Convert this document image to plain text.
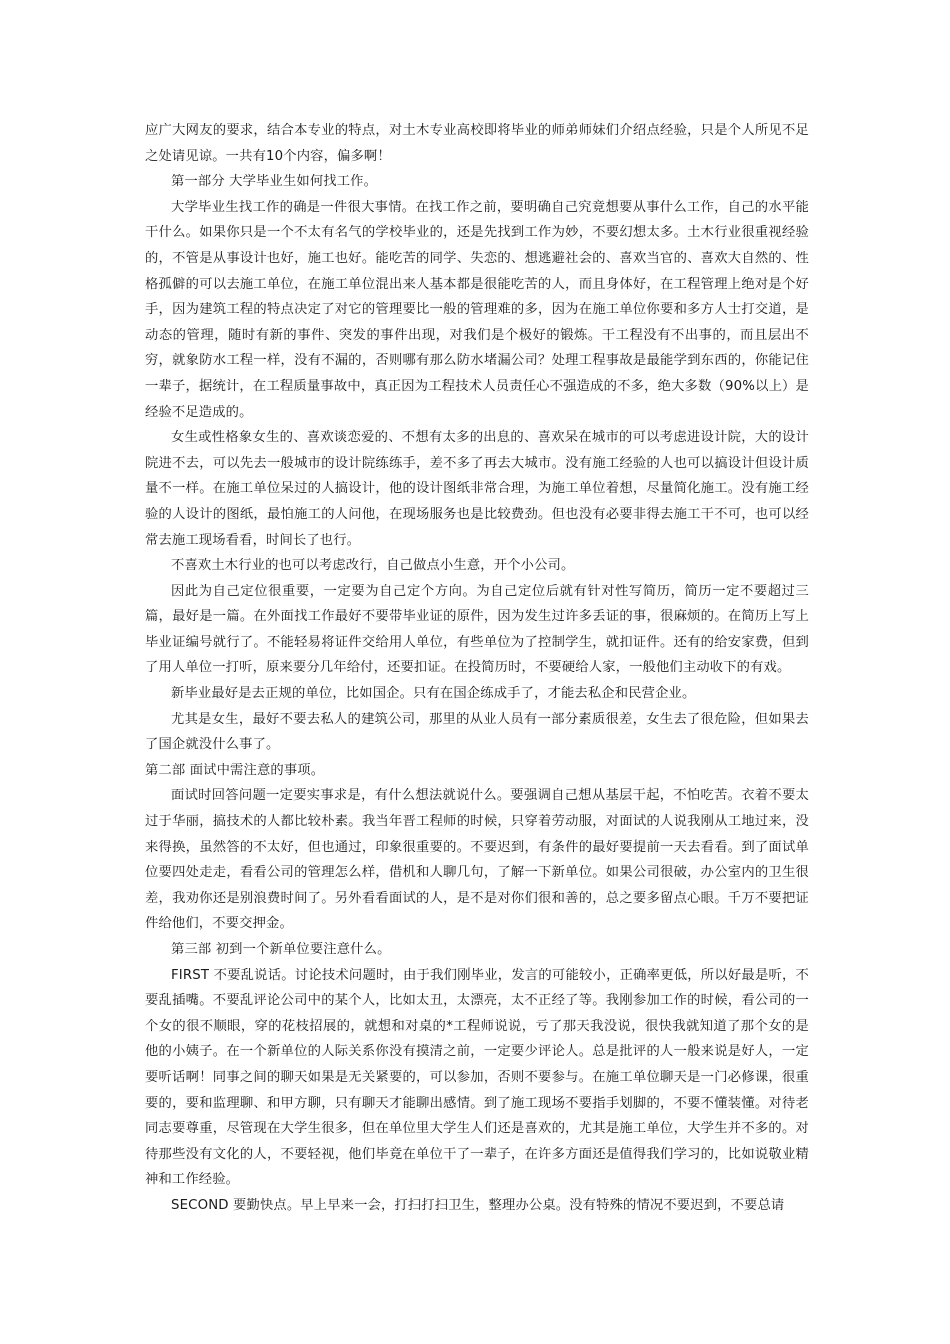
应广大网友的要求，结合本专业的特点，对土木专业高校即将毕业的师弟师妹们介绍点经验，只是个人所见不足之处请见谅。一共有10个内容，偏多啊！

第一部分 大学毕业生如何找工作。

大学毕业生找工作的确是一件很大事情。在找工作之前，要明确自己究竟想要从事什么工作，自己的水平能干什么。如果你只是一个不太有名气的学校毕业的，还是先找到工作为妙，不要幻想太多。土木行业很重视经验的，不管是从事设计也好，施工也好。能吃苦的同学、失恋的、想逃避社会的、喜欢当官的、喜欢大自然的、性格孤僻的可以去施工单位，在施工单位混出来人基本都是很能吃苦的人，而且身体好，在工程管理上绝对是个好手，因为建筑工程的特点决定了对它的管理要比一般的管理难的多，因为在施工单位你要和多方人士打交道，是动态的管理，随时有新的事件、突发的事件出现，对我们是个极好的锻炼。干工程没有不出事的，而且层出不穷，就象防水工程一样，没有不漏的，否则哪有那么防水堵漏公司？处理工程事故是最能学到东西的，你能记住一辈子，据统计，在工程质量事故中，真正因为工程技术人员责任心不强造成的不多，绝大多数（90%以上）是经验不足造成的。

女生或性格象女生的、喜欢谈恋爱的、不想有太多的出息的、喜欢呆在城市的可以考虑进设计院，大的设计院进不去，可以先去一般城市的设计院练练手，差不多了再去大城市。没有施工经验的人也可以搞设计但设计质量不一样。在施工单位呆过的人搞设计，他的设计图纸非常合理，为施工单位着想，尽量简化施工。没有施工经验的人设计的图纸，最怕施工的人问他，在现场服务也是比较费劲。但也没有必要非得去施工干不可，也可以经常去施工现场看看，时间长了也行。

不喜欢土木行业的也可以考虑改行，自己做点小生意，开个小公司。

因此为自己定位很重要，一定要为自己定个方向。为自己定位后就有针对性写简历，简历一定不要超过三篇，最好是一篇。在外面找工作最好不要带毕业证的原件，因为发生过许多丢证的事，很麻烦的。在简历上写上毕业证编号就行了。不能轻易将证件交给用人单位，有些单位为了控制学生，就扣证件。还有的给安家费，但到了用人单位一打听，原来要分几年给付，还要扣证。在投简历时，不要硬给人家，一般他们主动收下的有戏。

新毕业最好是去正规的单位，比如国企。只有在国企练成手了，才能去私企和民营企业。

尤其是女生，最好不要去私人的建筑公司，那里的从业人员有一部分素质很差，女生去了很危险，但如果去了国企就没什么事了。

第二部 面试中需注意的事项。

面试时回答问题一定要实事求是，有什么想法就说什么。要强调自己想从基层干起，不怕吃苦。衣着不要太过于华丽，搞技术的人都比较朴素。我当年晋工程师的时候，只穿着劳动服，对面试的人说我刚从工地过来，没来得换，虽然答的不太好，但也通过，印象很重要的。不要迟到，有条件的最好要提前一天去看看。到了面试单位要四处走走，看看公司的管理怎么样，借机和人聊几句，了解一下新单位。如果公司很破，办公室内的卫生很差，我劝你还是别浪费时间了。另外看看面试的人，是不是对你们很和善的，总之要多留点心眼。千万不要把证件给他们，不要交押金。

第三部 初到一个新单位要注意什么。

FIRST 不要乱说话。讨论技术问题时，由于我们刚毕业，发言的可能较小，正确率更低，所以好最是听，不要乱插嘴。不要乱评论公司中的某个人，比如太丑，太漂亮，太不正经了等。我刚参加工作的时候，看公司的一个女的很不顺眼，穿的花枝招展的，就想和对桌的*工程师说说，亏了那天我没说，很快我就知道了那个女的是他的小姨子。在一个新单位的人际关系你没有摸清之前，一定要少评论人。总是批评的人一般来说是好人，一定要听话啊！同事之间的聊天如果是无关紧要的，可以参加，否则不要参与。在施工单位聊天是一门必修课，很重要的，要和监理聊、和甲方聊，只有聊天才能聊出感情。到了施工现场不要指手划脚的，不要不懂装懂。对待老同志要尊重，尽管现在大学生很多，但在单位里大学生人们还是喜欢的，尤其是施工单位，大学生并不多的。对待那些没有文化的人，不要轻视，他们毕竟在单位干了一辈子，在许多方面还是值得我们学习的，比如说敬业精神和工作经验。

SECOND 要勤快点。早上早来一会，打扫打扫卫生，整理办公桌。没有特殊的情况不要迟到，不要总请
